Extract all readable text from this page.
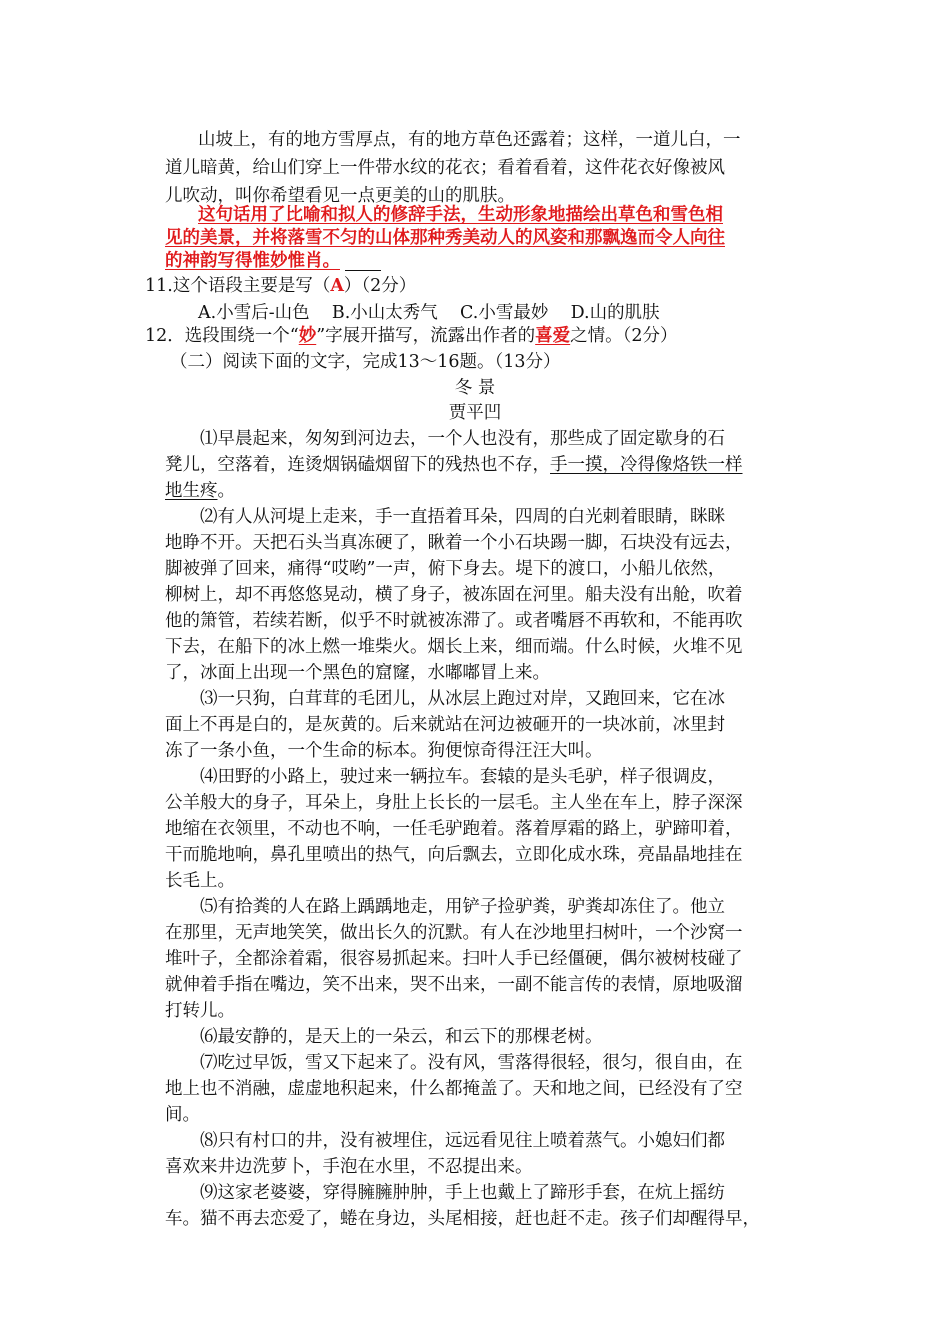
山坡上，有的地方雪厚点，有的地方草色还露着；这样，一道儿白，一
道儿暗黄，给山们穿上一件带水纹的花衣；看着看着，这件花衣好像被风
儿吹动，叫你希望看见一点更美的山的肌肤。
这句话用了比喻和拟人的修辞手法，生动形象地描绘出草色和雪色相
见的美景，并将落雪不匀的山体那种秀美动人的风姿和那飘逸而令人向往
的神韵写得惟妙惟肖。
11.这个语段主要是写（A）（2分）
A.小雪后-山色    B.小山太秀气    C.小雪最妙    D.山的肌肤
12．选段围绕一个“妙”字展开描写，流露出作者的喜爱之情。（2分）
（二）阅读下面的文字，完成13～16题。（13分）
冬 景
贾平凹
⑴早晨起来，匆匆到河边去，一个人也没有，那些成了固定歇身的石
凳儿，空落着，连烫烟锅磕烟留下的残热也不存，手一摸，冷得像烙铁一样
地生疼。
⑵有人从河堤上走来，手一直捂着耳朵，四周的白光刺着眼睛，眯眯
地睁不开。天把石头当真冻硬了，瞅着一个小石块踢一脚，石块没有远去，
脚被弹了回来，痛得“哎哟”一声，俯下身去。堤下的渡口，小船儿依然，
柳树上，却不再悠悠晃动，横了身子，被冻固在河里。船夫没有出舱，吹着
他的箫管，若续若断，似乎不时就被冻滞了。或者嘴唇不再软和，不能再吹
下去，在船下的冰上燃一堆柴火。烟长上来，细而端。什么时候，火堆不见
了，冰面上出现一个黑色的窟窿，水嘟嘟冒上来。
⑶一只狗，白茸茸的毛团儿，从冰层上跑过对岸，又跑回来，它在冰
面上不再是白的，是灰黄的。后来就站在河边被砸开的一块冰前，冰里封
冻了一条小鱼，一个生命的标本。狗便惊奇得汪汪大叫。
⑷田野的小路上，驶过来一辆拉车。套辕的是头毛驴，样子很调皮，
公羊般大的身子，耳朵上，身肚上长长的一层毛。主人坐在车上，脖子深深
地缩在衣领里，不动也不响，一任毛驴跑着。落着厚霜的路上，驴蹄叩着，
干而脆地响，鼻孔里喷出的热气，向后飘去，立即化成水珠，亮晶晶地挂在
长毛上。
⑸有拾粪的人在路上踽踽地走，用铲子捡驴粪，驴粪却冻住了。他立
在那里，无声地笑笑，做出长久的沉默。有人在沙地里扫树叶，一个沙窝一
堆叶子，全都涂着霜，很容易抓起来。扫叶人手已经僵硬，偶尔被树枝碰了
就伸着手指在嘴边，笑不出来，哭不出来，一副不能言传的表情，原地吸溜
打转儿。
⑹最安静的，是天上的一朵云，和云下的那棵老树。
⑺吃过早饭，雪又下起来了。没有风，雪落得很轻，很匀，很自由，在
地上也不消融，虚虚地积起来，什么都掩盖了。天和地之间，已经没有了空
间。
⑻只有村口的井，没有被埋住，远远看见往上喷着蒸气。小媳妇们都
喜欢来井边洗萝卜，手泡在水里，不忍提出来。
⑼这家老婆婆，穿得臃臃肿肿，手上也戴上了蹄形手套，在炕上摇纺
车。猫不再去恋爱了，蜷在身边，头尾相接，赶也赶不走。孩子们却醒得早，
